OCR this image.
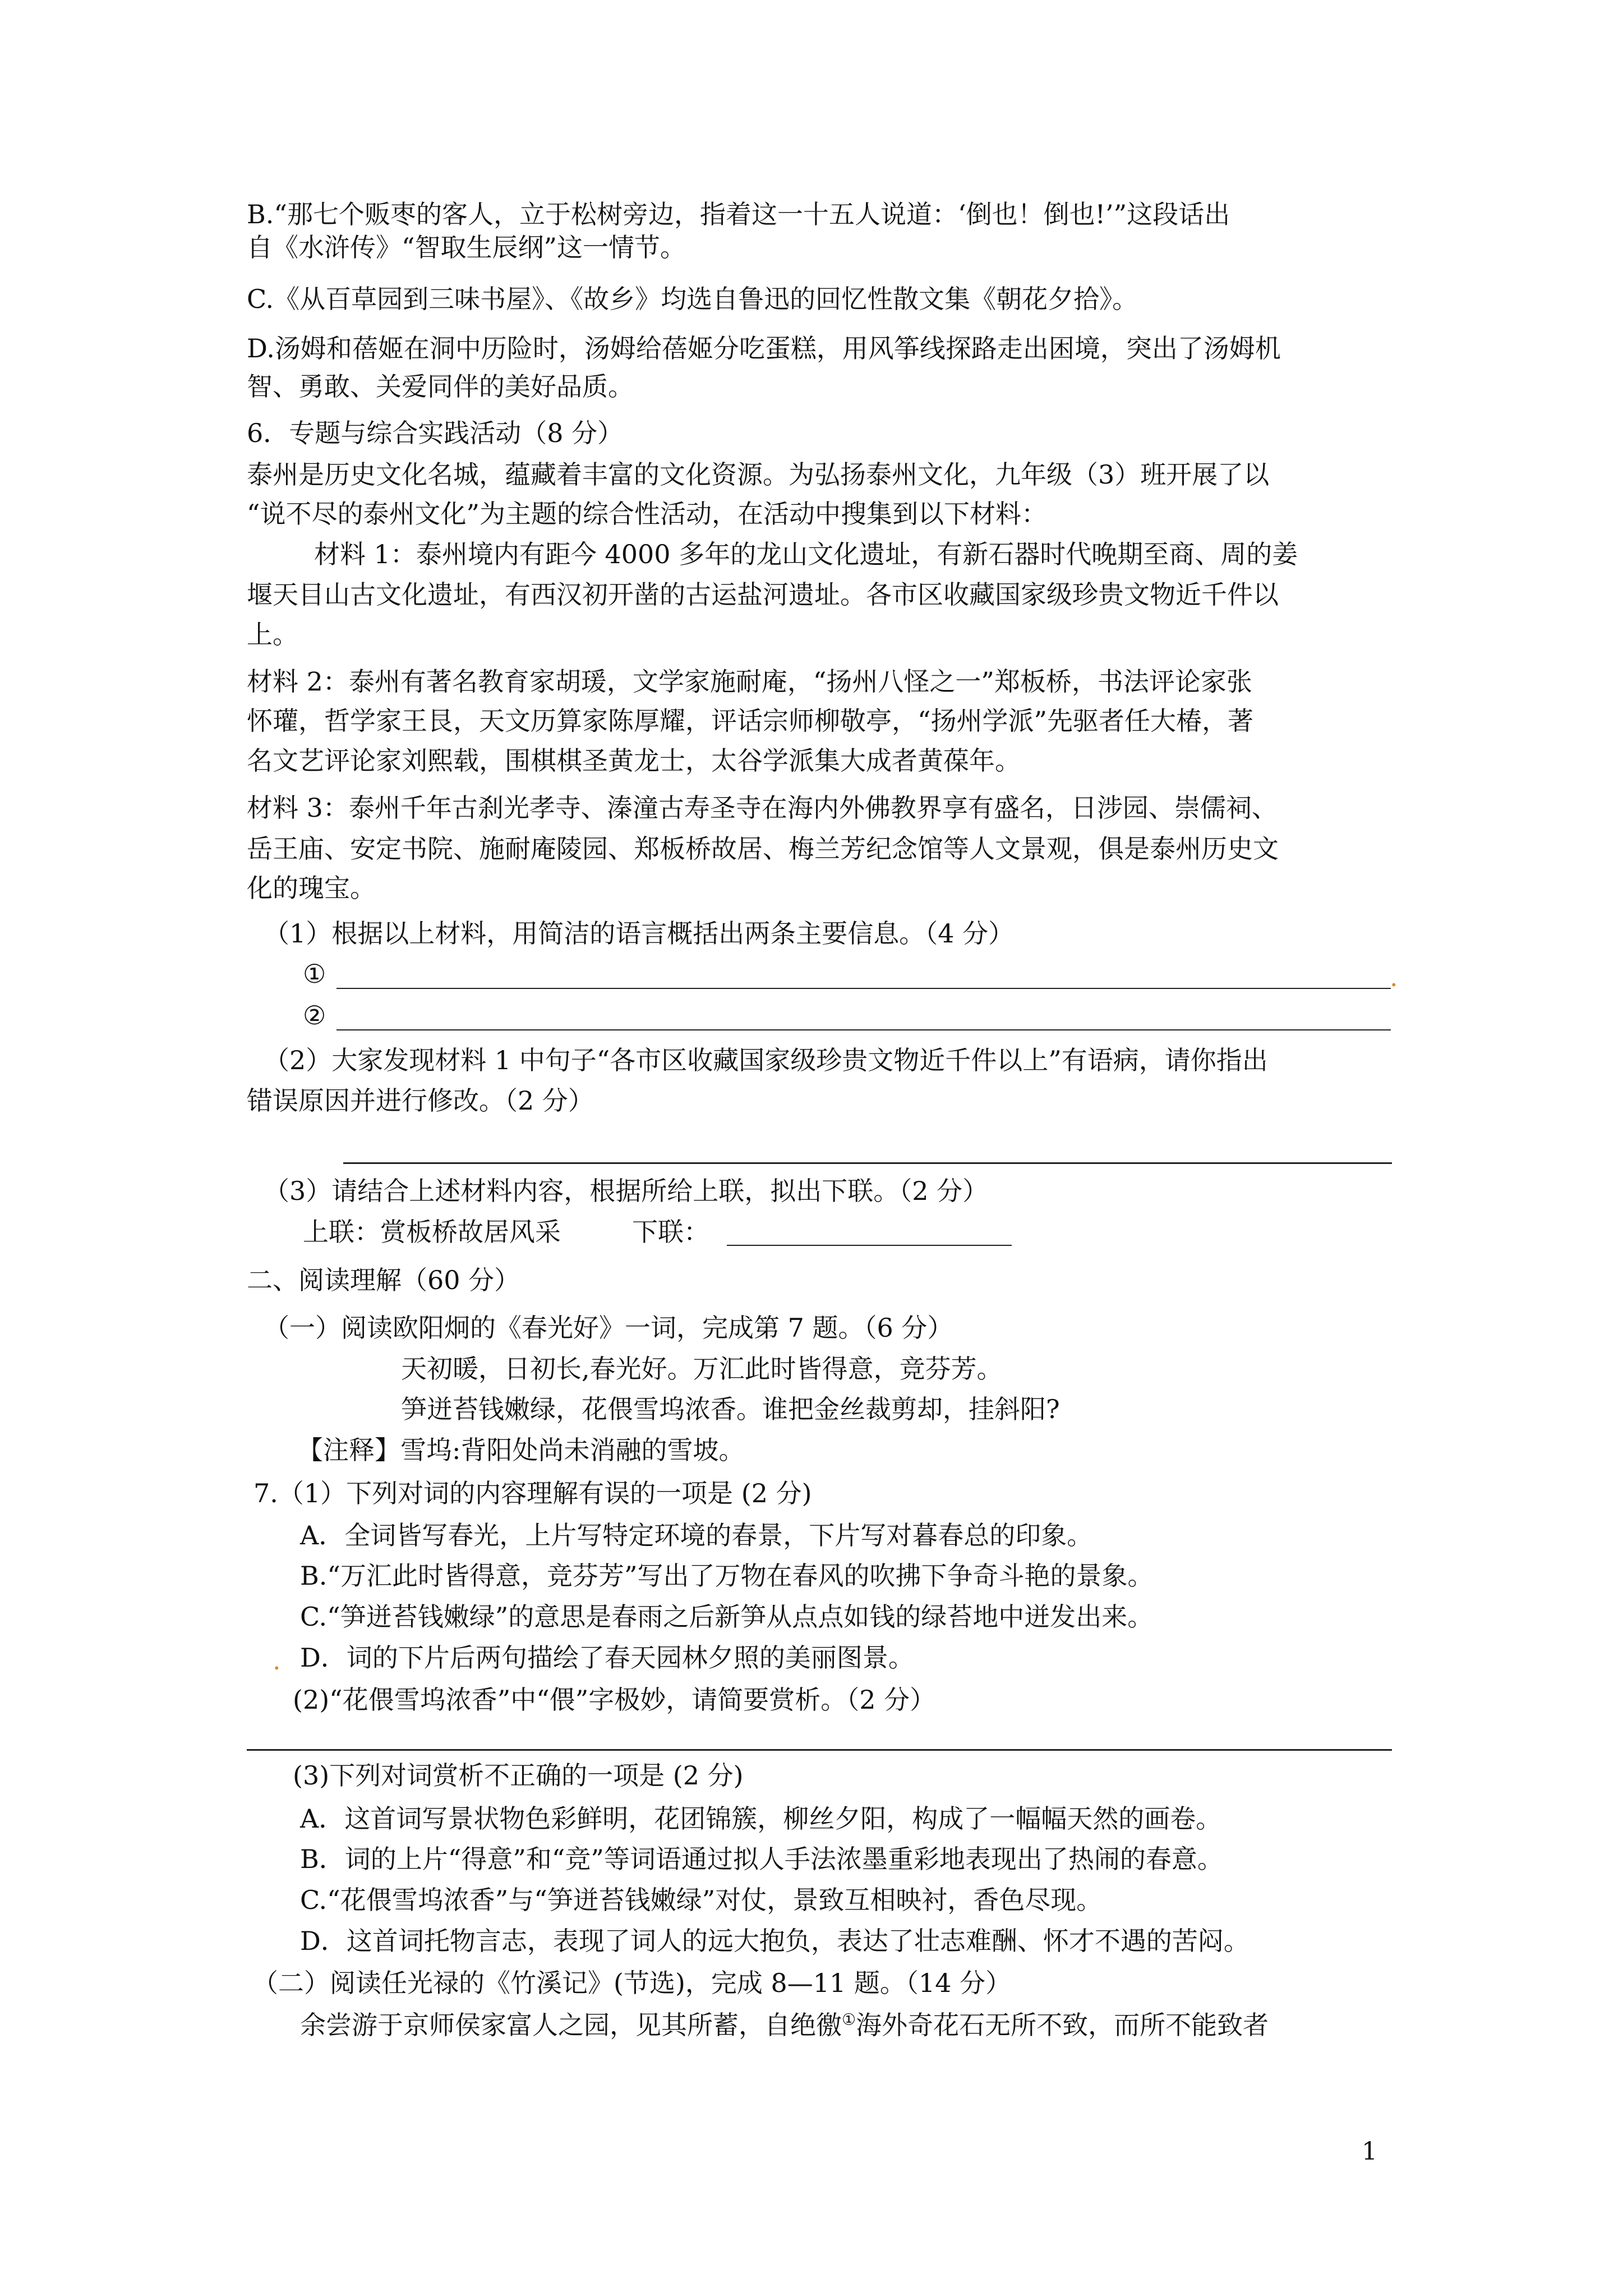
B.“那七个贩枣的客人，立于松树旁边，指着这一十五人说道：‘倒也！倒也!’”这段话出
自《水浒传》“智取生辰纲”这一情节。
C.《从百草园到三味书屋》、《故乡》均选自鲁迅的回忆性散文集《朝花夕拾》。
D.汤姆和蓓姬在洞中历险时，汤姆给蓓姬分吃蛋糕，用风筝线探路走出困境，突出了汤姆机
智、勇敢、关爱同伴的美好品质。
6．专题与综合实践活动（8 分）
泰州是历史文化名城，蕴藏着丰富的文化资源。为弘扬泰州文化，九年级（3）班开展了以
“说不尽的泰州文化”为主题的综合性活动，在活动中搜集到以下材料：
材料 1：泰州境内有距今 4000 多年的龙山文化遗址，有新石器时代晚期至商、周的姜
堰天目山古文化遗址，有西汉初开凿的古运盐河遗址。各市区收藏国家级珍贵文物近千件以
上。
材料 2：泰州有著名教育家胡瑗，文学家施耐庵，“扬州八怪之一”郑板桥，书法评论家张
怀瓘，哲学家王艮，天文历算家陈厚耀，评话宗师柳敬亭，“扬州学派”先驱者任大椿，著
名文艺评论家刘熙载，围棋棋圣黄龙士，太谷学派集大成者黄葆年。
材料 3：泰州千年古刹光孝寺、溱潼古寿圣寺在海内外佛教界享有盛名，日涉园、崇儒祠、
岳王庙、安定书院、施耐庵陵园、郑板桥故居、梅兰芳纪念馆等人文景观，俱是泰州历史文
化的瑰宝。
（1）根据以上材料，用简洁的语言概括出两条主要信息。（4 分）
①	.
②
（2）大家发现材料 1 中句子“各市区收藏国家级珍贵文物近千件以上”有语病，请你指出
错误原因并进行修改。（2 分）
（3）请结合上述材料内容，根据所给上联，拟出下联。（2 分）
上联：赏板桥故居风采	下联：
二、阅读理解（60 分）
（一）阅读欧阳炯的《春光好》一词，完成第 7 题。（6 分）
天初暖，日初长,春光好。万汇此时皆得意，竞芬芳。
笋迸苔钱嫩绿，花偎雪坞浓香。谁把金丝裁剪却，挂斜阳?
【注释】雪坞:背阳处尚未消融的雪坡。
7.（1）下列对词的内容理解有误的一项是 (2 分)
A．全词皆写春光，上片写特定环境的春景，下片写对暮春总的印象。
B.“万汇此时皆得意，竞芬芳”写出了万物在春风的吹拂下争奇斗艳的景象。
C.“笋迸苔钱嫩绿”的意思是春雨之后新笋从点点如钱的绿苔地中迸发出来。
. D．词的下片后两句描绘了春天园林夕照的美丽图景。
(2)“花偎雪坞浓香”中“偎”字极妙，请简要赏析。（2 分）
(3)下列对词赏析不正确的一项是 (2 分)
A．这首词写景状物色彩鲜明，花团锦簇，柳丝夕阳，构成了一幅幅天然的画卷。
B．词的上片“得意”和“竞”等词语通过拟人手法浓墨重彩地表现出了热闹的春意。
C.“花偎雪坞浓香”与“笋迸苔钱嫩绿”对仗，景致互相映衬，香色尽现。
D．这首词托物言志，表现了词人的远大抱负，表达了壮志难酬、怀才不遇的苦闷。
（二）阅读任光禄的《竹溪记》(节选)，完成 8—11 题。（14 分）
余尝游于京师侯家富人之园，见其所蓄，自绝徼①海外奇花石无所不致，而所不能致者
1
